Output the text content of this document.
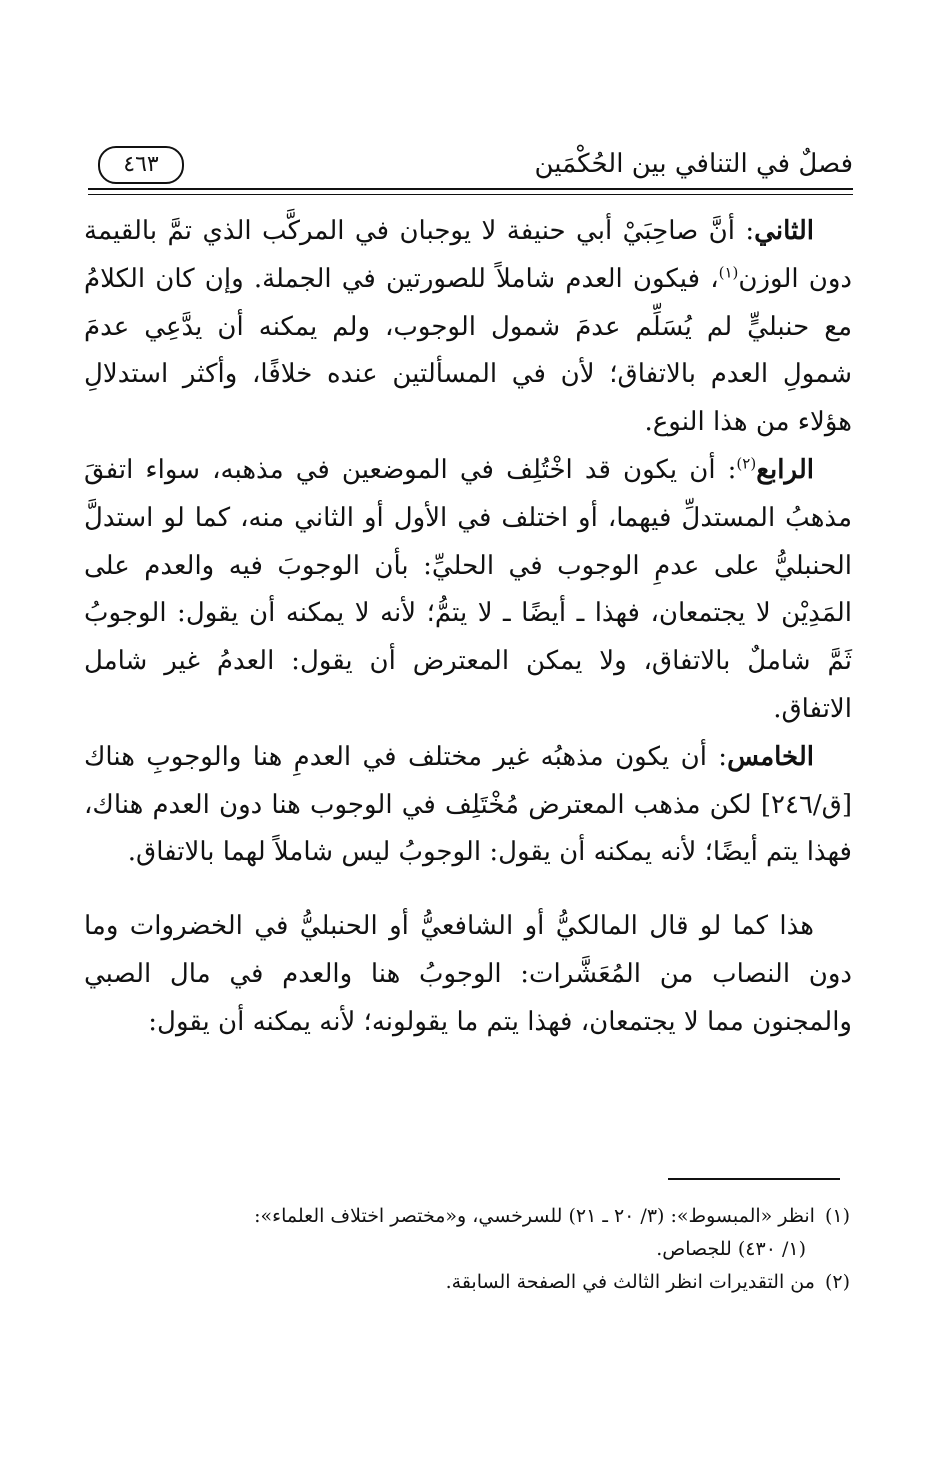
فصلٌ في التنافي بين الحُكْمَين
٤٦٣

الثاني: أنَّ صاحِبَيْ أبي حنيفة لا يوجبان في المركَّب الذي تمَّ بالقيمة دون الوزن$^{(١)}$، فيكون العدم شاملاً للصورتين في الجملة. وإن كان الكلامُ مع حنبليٍّ لم يُسَلِّم عدمَ شمول الوجوب، ولم يمكنه أن يدَّعِي عدمَ شمولِ العدم بالاتفاق؛ لأن في المسألتين عنده خلافًا، وأكثر استدلالِ هؤلاء من هذا النوع.

الرابع$^{(٢)}$: أن يكون قد اخْتُلِف في الموضعين في مذهبه، سواء اتفقَ مذهبُ المستدلِّ فيهما، أو اختلف في الأول أو الثاني منه، كما لو استدلَّ الحنبليُّ على عدمِ الوجوب في الحليِّ: بأن الوجوبَ فيه والعدم على المَدِيْن لا يجتمعان، فهذا ـ أيضًا ـ لا يتمُّ؛ لأنه لا يمكنه أن يقول: الوجوبُ ثَمَّ شاملٌ بالاتفاق، ولا يمكن المعترض أن يقول: العدمُ غير شامل الاتفاق.

الخامس: أن يكون مذهبُه غير مختلف في العدمِ هنا والوجوبِ هناك [ق/٢٤٦] لكن مذهب المعترض مُخْتَلِف في الوجوب هنا دون العدم هناك، فهذا يتم أيضًا؛ لأنه يمكنه أن يقول: الوجوبُ ليس شاملاً لهما بالاتفاق.

هذا كما لو قال المالكيُّ أو الشافعيُّ أو الحنبليُّ في الخضروات وما دون النصاب من المُعَشَّرات: الوجوبُ هنا والعدم في مال الصبي والمجنون مما لا يجتمعان، فهذا يتم ما يقولونه؛ لأنه يمكنه أن يقول:

(١)انظر «المبسوط»: (٣/ ٢٠ ـ ٢١) للسرخسي، و«مختصر اختلاف العلماء»:
(١/ ٤٣٠) للجصاص.

(٢)من التقديرات انظر الثالث في الصفحة السابقة.
